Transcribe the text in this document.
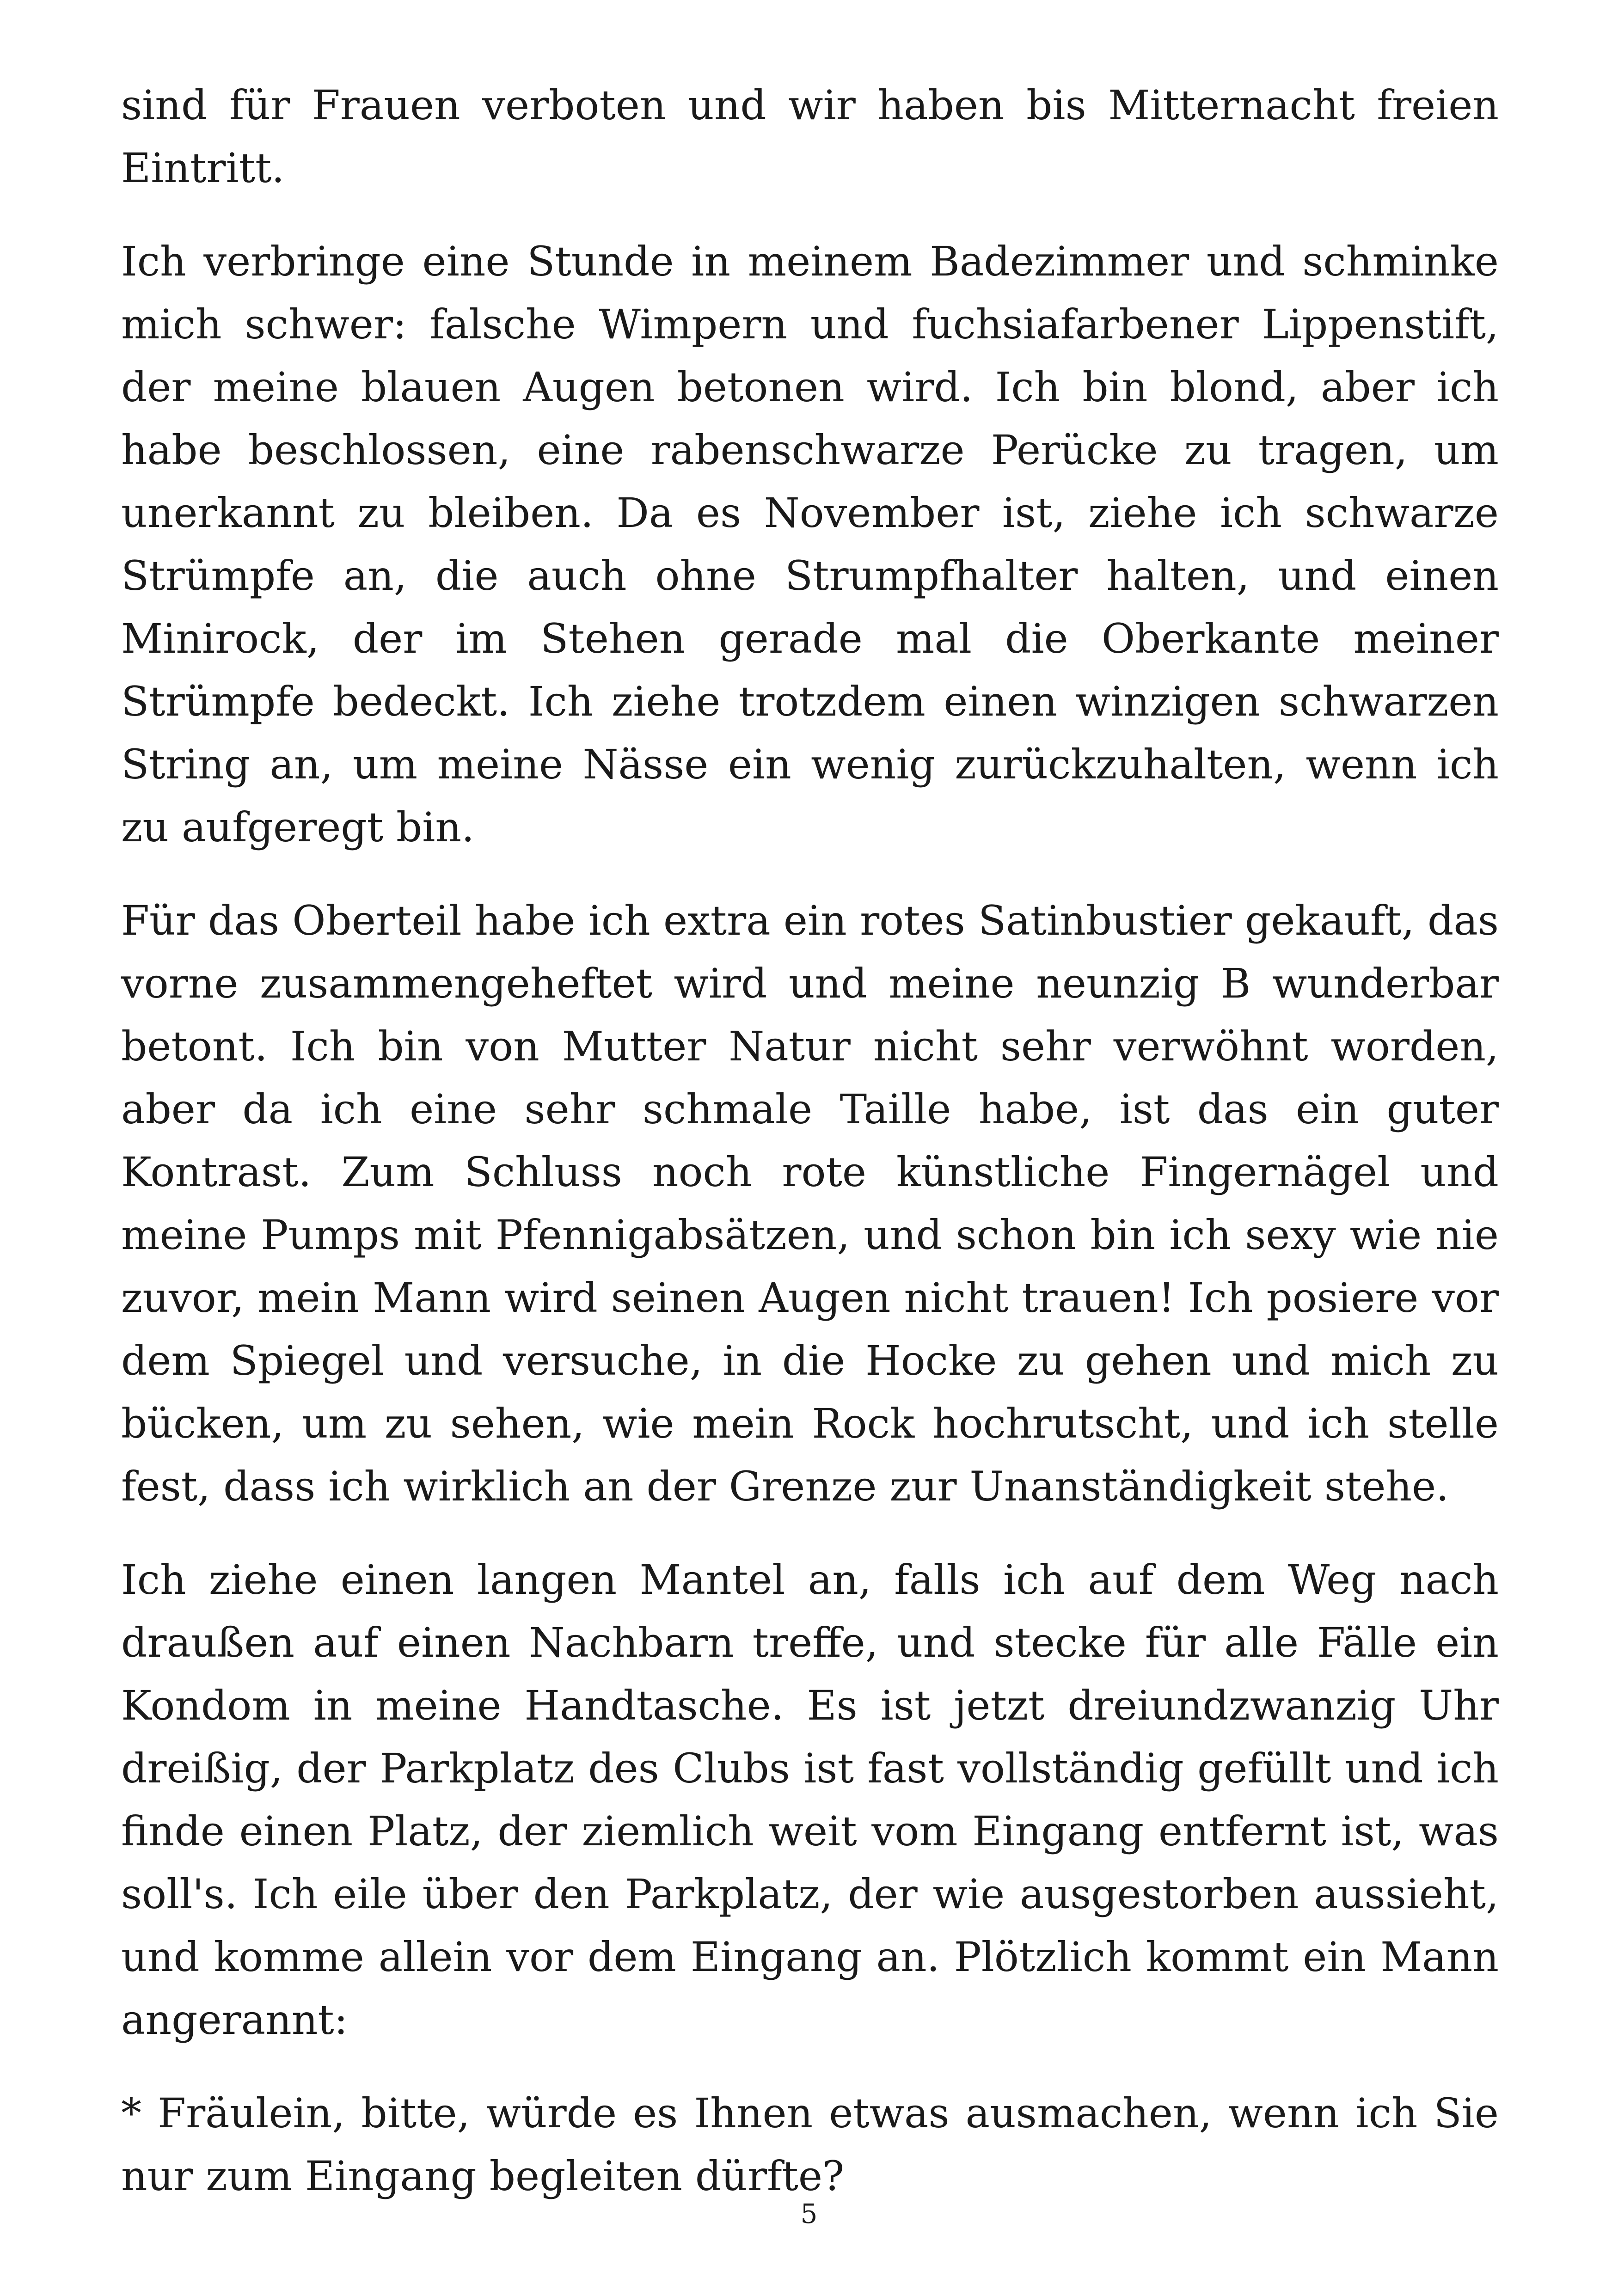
sind für Frauen verboten und wir haben bis Mitternacht freien Eintritt.

Ich verbringe eine Stunde in meinem Badezimmer und schminke mich schwer: falsche Wimpern und fuchsiafarbener Lippenstift, der meine blauen Augen betonen wird. Ich bin blond, aber ich habe beschlossen, eine rabenschwarze Perücke zu tragen, um unerkannt zu bleiben. Da es November ist, ziehe ich schwarze Strümpfe an, die auch ohne Strumpfhalter halten, und einen Minirock, der im Stehen gerade mal die Oberkante meiner Strümpfe bedeckt. Ich ziehe trotzdem einen winzigen schwarzen String an, um meine Nässe ein wenig zurückzuhalten, wenn ich zu aufgeregt bin.

Für das Oberteil habe ich extra ein rotes Satinbustier gekauft, das vorne zusammengeheftet wird und meine neunzig B wunderbar betont. Ich bin von Mutter Natur nicht sehr verwöhnt worden, aber da ich eine sehr schmale Taille habe, ist das ein guter Kontrast. Zum Schluss noch rote künstliche Fingernägel und meine Pumps mit Pfennigabsätzen, und schon bin ich sexy wie nie zuvor, mein Mann wird seinen Augen nicht trauen! Ich posiere vor dem Spiegel und versuche, in die Hocke zu gehen und mich zu bücken, um zu sehen, wie mein Rock hochrutscht, und ich stelle fest, dass ich wirklich an der Grenze zur Unanständigkeit stehe.

Ich ziehe einen langen Mantel an, falls ich auf dem Weg nach draußen auf einen Nachbarn treffe, und stecke für alle Fälle ein Kondom in meine Handtasche. Es ist jetzt dreiundzwanzig Uhr dreißig, der Parkplatz des Clubs ist fast vollständig gefüllt und ich finde einen Platz, der ziemlich weit vom Eingang entfernt ist, was soll's. Ich eile über den Parkplatz, der wie ausgestorben aussieht, und komme allein vor dem Eingang an. Plötzlich kommt ein Mann angerannt:

* Fräulein, bitte, würde es Ihnen etwas ausmachen, wenn ich Sie nur zum Eingang begleiten dürfte?

5
